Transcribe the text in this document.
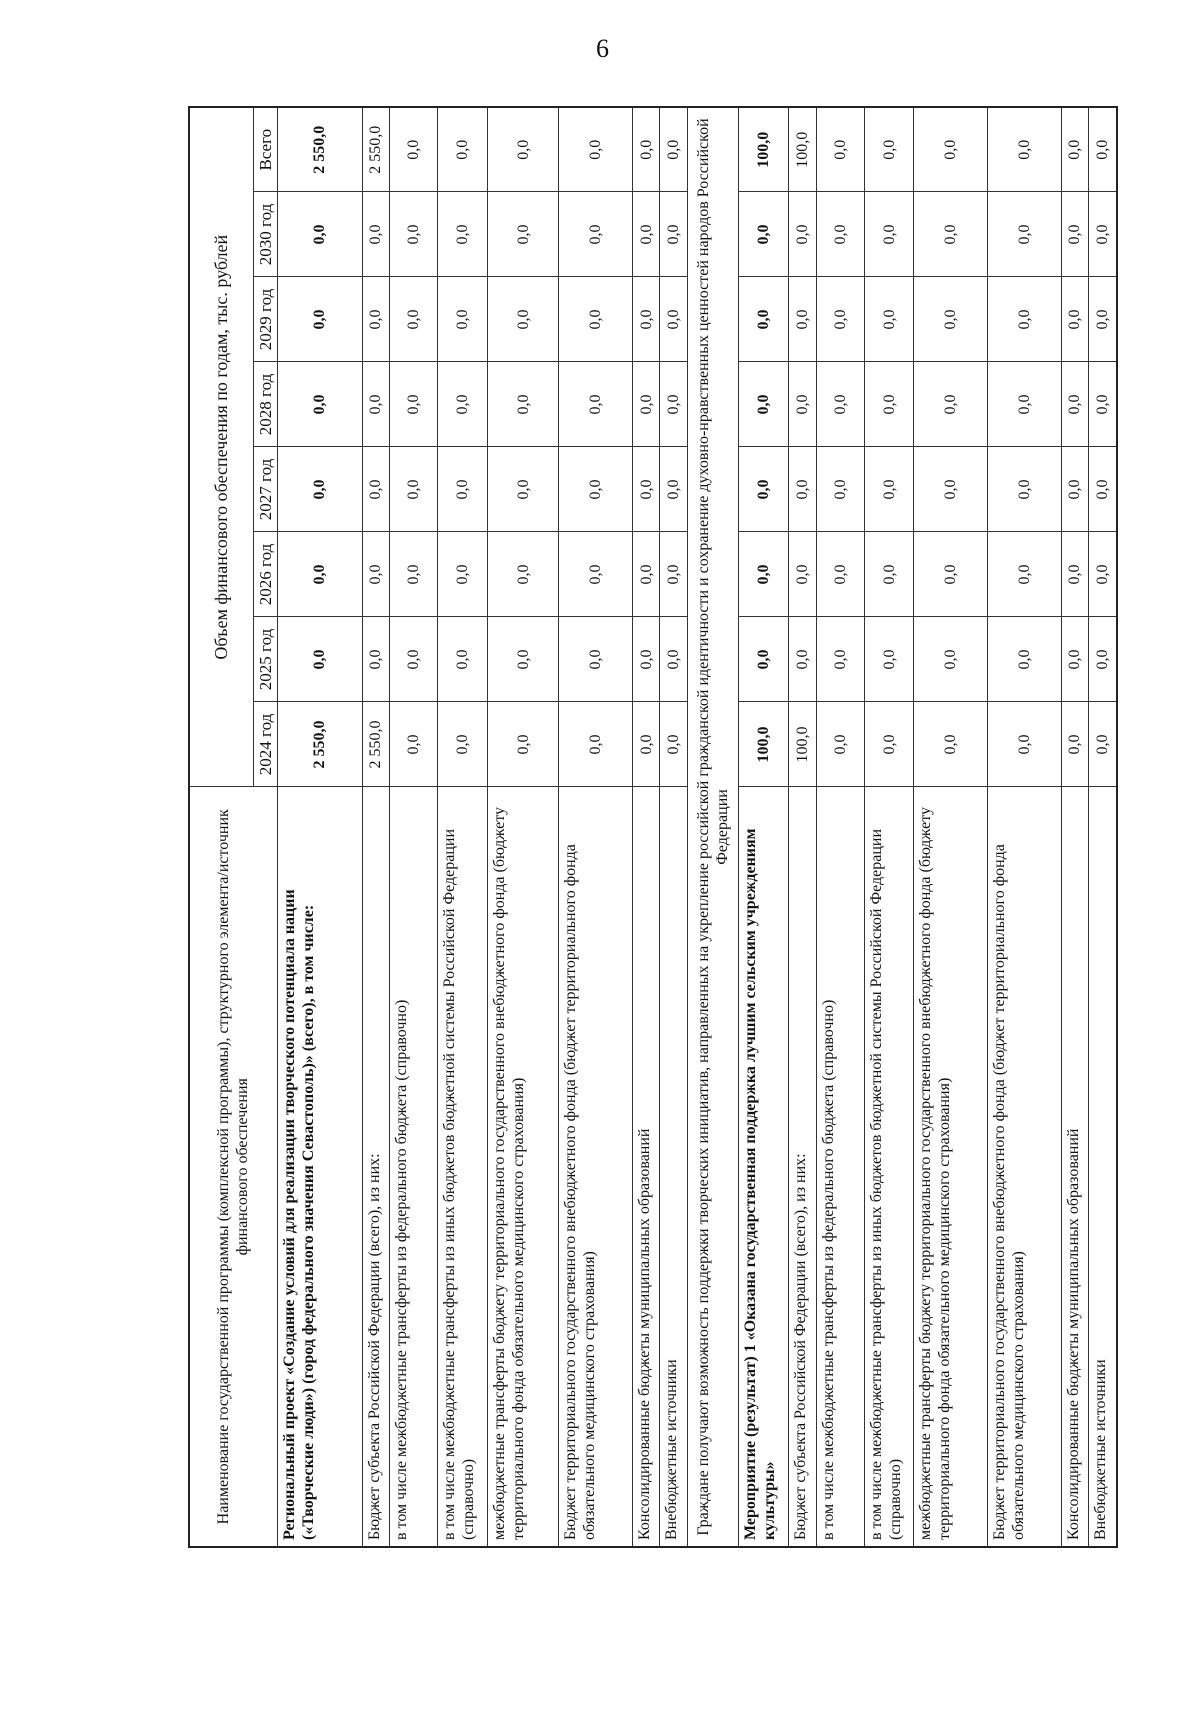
6
Наименование государственной программы (комплексной программы), структурного элемента/источник финансового обеспечения	Объем финансового обеспечения по годам, тыс. рублей							
	2024 год	2025 год	2026 год	2027 год	2028 год	2029 год	2030 год	Всего
Региональный проект «Создание условий для реализации творческого потенциала нации («Творческие люди») (город федерального значения Севастополь)» (всего), в том числе:	2 550,0	0,0	0,0	0,0	0,0	0,0	0,0	2 550,0
Бюджет субъекта Российской Федерации (всего), из них:	2 550,0	0,0	0,0	0,0	0,0	0,0	0,0	2 550,0
в том числе межбюджетные трансферты из федерального бюджета (справочно)	0,0	0,0	0,0	0,0	0,0	0,0	0,0	0,0
в том числе межбюджетные трансферты из иных бюджетов бюджетной системы Российской Федерации (справочно)	0,0	0,0	0,0	0,0	0,0	0,0	0,0	0,0
межбюджетные трансферты бюджету территориального государственного внебюджетного фонда (бюджету территориального фонда обязательного медицинского страхования)	0,0	0,0	0,0	0,0	0,0	0,0	0,0	0,0
Бюджет территориального государственного внебюджетного фонда (бюджет территориального фонда обязательного медицинского страхования)	0,0	0,0	0,0	0,0	0,0	0,0	0,0	0,0
Консолидированные бюджеты муниципальных образований	0,0	0,0	0,0	0,0	0,0	0,0	0,0	0,0
Внебюджетные источники	0,0	0,0	0,0	0,0	0,0	0,0	0,0	0,0
Граждане получают возможность поддержки творческих инициатив, направленных на укрепление российской гражданской идентичности и сохранение духовно-нравственных ценностей народов Российской Федерации								
Мероприятие (результат) 1 «Оказана государственная поддержка лучшим сельским учреждениям культуры»	100,0	0,0	0,0	0,0	0,0	0,0	0,0	100,0
Бюджет субъекта Российской Федерации (всего), из них:	100,0	0,0	0,0	0,0	0,0	0,0	0,0	100,0
в том числе межбюджетные трансферты из федерального бюджета (справочно)	0,0	0,0	0,0	0,0	0,0	0,0	0,0	0,0
в том числе межбюджетные трансферты из иных бюджетов бюджетной системы Российской Федерации (справочно)	0,0	0,0	0,0	0,0	0,0	0,0	0,0	0,0
межбюджетные трансферты бюджету территориального государственного внебюджетного фонда (бюджету территориального фонда обязательного медицинского страхования)	0,0	0,0	0,0	0,0	0,0	0,0	0,0	0,0
Бюджет территориального государственного внебюджетного фонда (бюджет территориального фонда обязательного медицинского страхования)	0,0	0,0	0,0	0,0	0,0	0,0	0,0	0,0
Консолидированные бюджеты муниципальных образований	0,0	0,0	0,0	0,0	0,0	0,0	0,0	0,0
Внебюджетные источники	0,0	0,0	0,0	0,0	0,0	0,0	0,0	0,0
